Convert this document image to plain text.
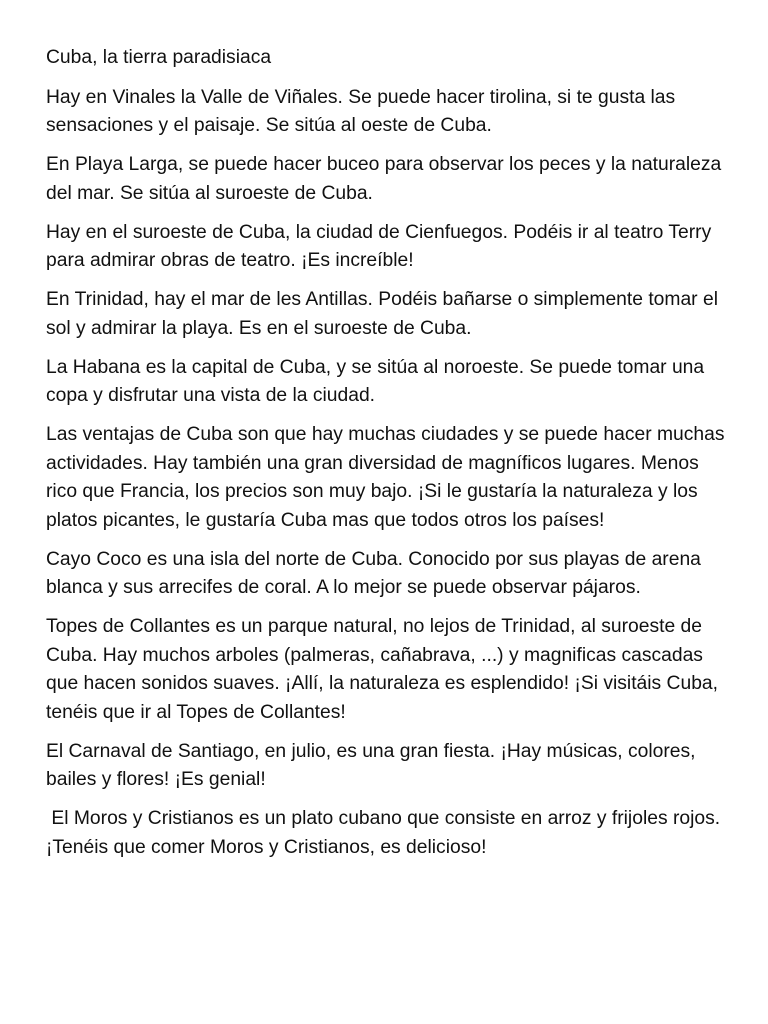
Cuba, la tierra paradisiaca

Hay en Vinales la Valle de Viñales. Se puede hacer tirolina, si te gusta las sensaciones y el paisaje. Se sitúa al oeste de Cuba.

En Playa Larga, se puede hacer buceo para observar los peces y la naturaleza del mar. Se sitúa al suroeste de Cuba.

Hay en el suroeste de Cuba, la ciudad de Cienfuegos. Podéis ir al teatro Terry para admirar obras de teatro. ¡Es increíble!

En Trinidad, hay el mar de les Antillas. Podéis bañarse o simplemente tomar el sol y admirar la playa. Es en el suroeste de Cuba.

La Habana es la capital de Cuba, y se sitúa al noroeste. Se puede tomar una copa y disfrutar una vista de la ciudad.

Las ventajas de Cuba son que hay muchas ciudades y se puede hacer muchas actividades. Hay también una gran diversidad de magníficos lugares. Menos rico que Francia, los precios son muy bajo. ¡Si le gustaría la naturaleza y los platos picantes, le gustaría Cuba mas que todos otros los países!

Cayo Coco es una isla del norte de Cuba. Conocido por sus playas de arena blanca y sus arrecifes de coral. A lo mejor se puede observar pájaros.

Topes de Collantes es un parque natural, no lejos de Trinidad, al suroeste de Cuba. Hay muchos arboles (palmeras, cañabrava, ...) y magnificas cascadas que hacen sonidos suaves. ¡Allí, la naturaleza es esplendido! ¡Si visitáis Cuba, tenéis que ir al Topes de Collantes!

El Carnaval de Santiago, en julio, es una gran fiesta. ¡Hay músicas, colores, bailes y flores! ¡Es genial!

El Moros y Cristianos es un plato cubano que consiste en arroz y frijoles rojos. ¡Tenéis que comer Moros y Cristianos, es delicioso!
